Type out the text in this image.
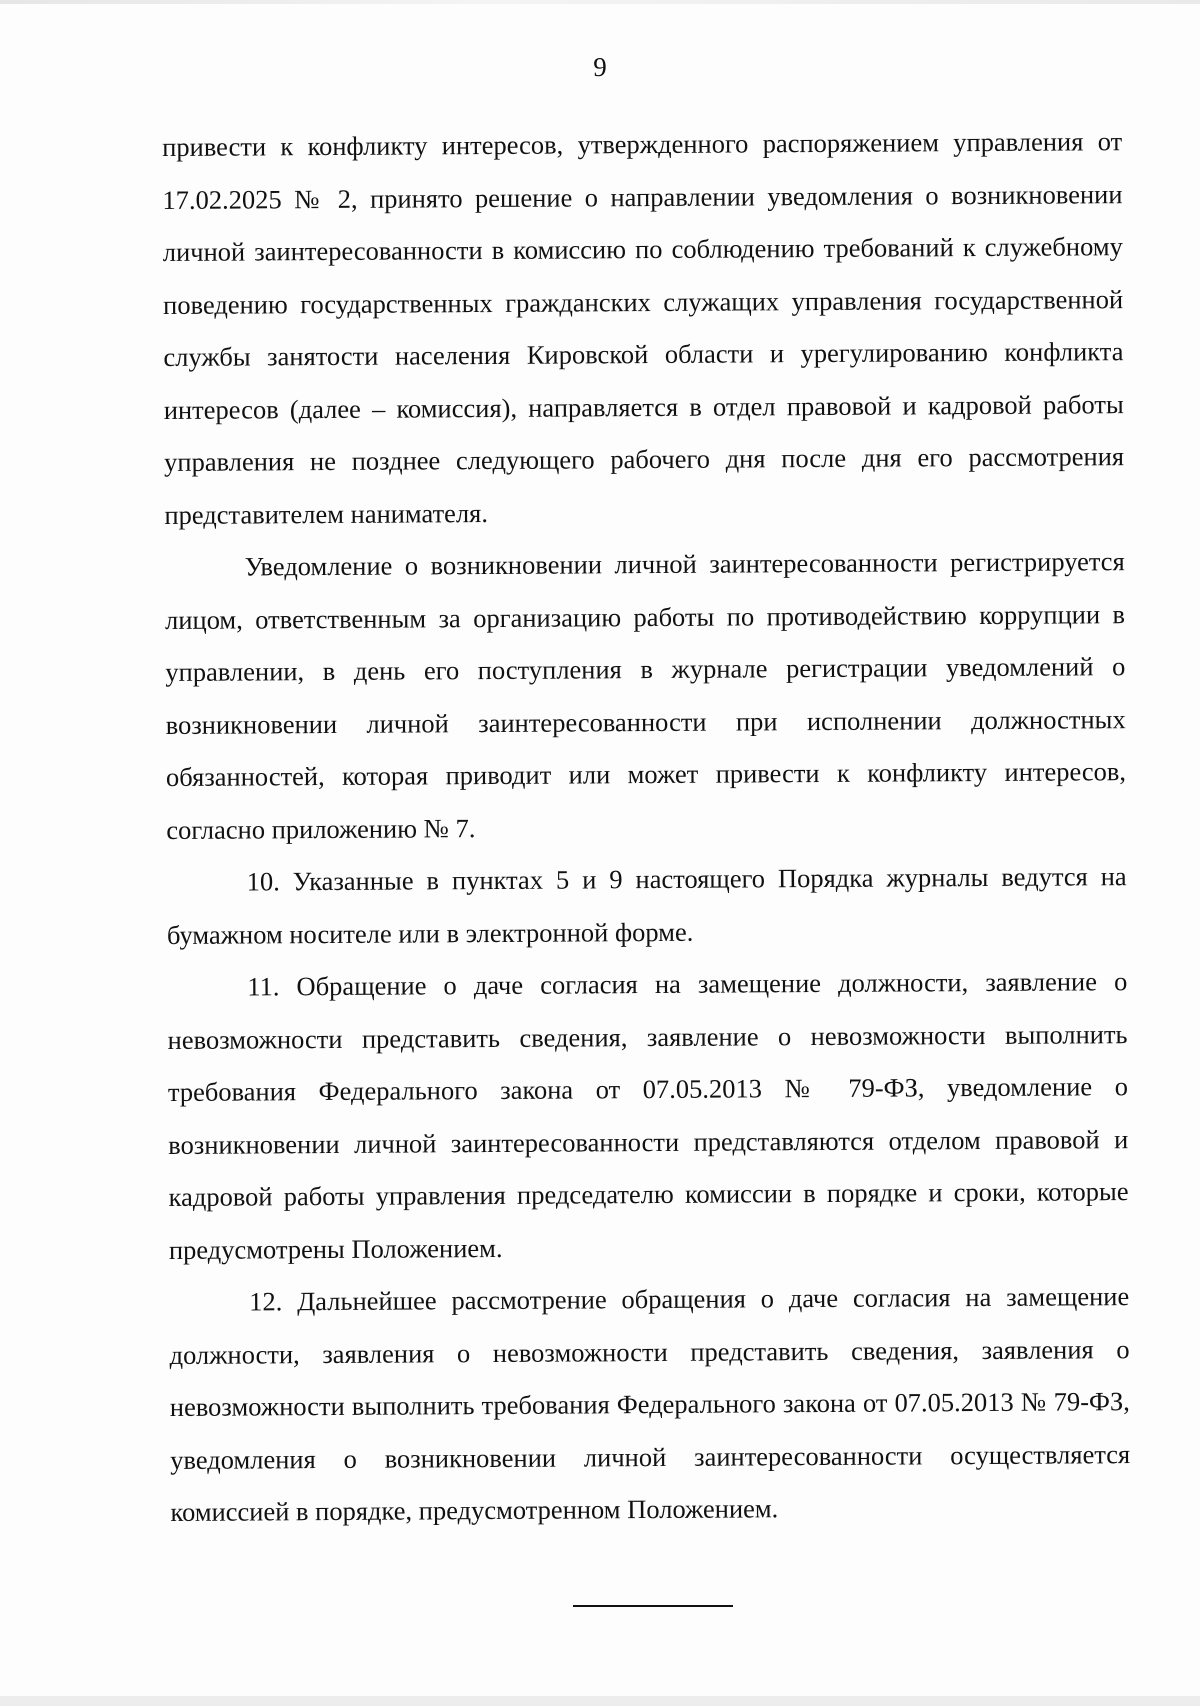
9

привести к конфликту интересов, утвержденного распоряжением управления от 17.02.2025 № 2, принято решение о направлении уведомления о возникновении личной заинтересованности в комиссию по соблюдению требований к служебному поведению государственных гражданских служащих управления государственной службы занятости населения Кировской области и урегулированию конфликта интересов (далее – комиссия), направляется в отдел правовой и кадровой работы управления не позднее следующего рабочего дня после дня его рассмотрения представителем нанимателя.

Уведомление о возникновении личной заинтересованности регистрируется лицом, ответственным за организацию работы по противодействию коррупции в управлении, в день его поступления в журнале регистрации уведомлений о возникновении личной заинтересованности при исполнении должностных обязанностей, которая приводит или может привести к конфликту интересов, согласно приложению № 7.

10. Указанные в пунктах 5 и 9 настоящего Порядка журналы ведутся на бумажном носителе или в электронной форме.

11. Обращение о даче согласия на замещение должности, заявление о невозможности представить сведения, заявление о невозможности выполнить требования Федерального закона от 07.05.2013 № 79-ФЗ, уведомление о возникновении личной заинтересованности представляются отделом правовой и кадровой работы управления председателю комиссии в порядке и сроки, которые предусмотрены Положением.

12. Дальнейшее рассмотрение обращения о даче согласия на замещение должности, заявления о невозможности представить сведения, заявления о невозможности выполнить требования Федерального закона от 07.05.2013 № 79-ФЗ, уведомления о возникновении личной заинтересованности осуществляется комиссией в порядке, предусмотренном Положением.
